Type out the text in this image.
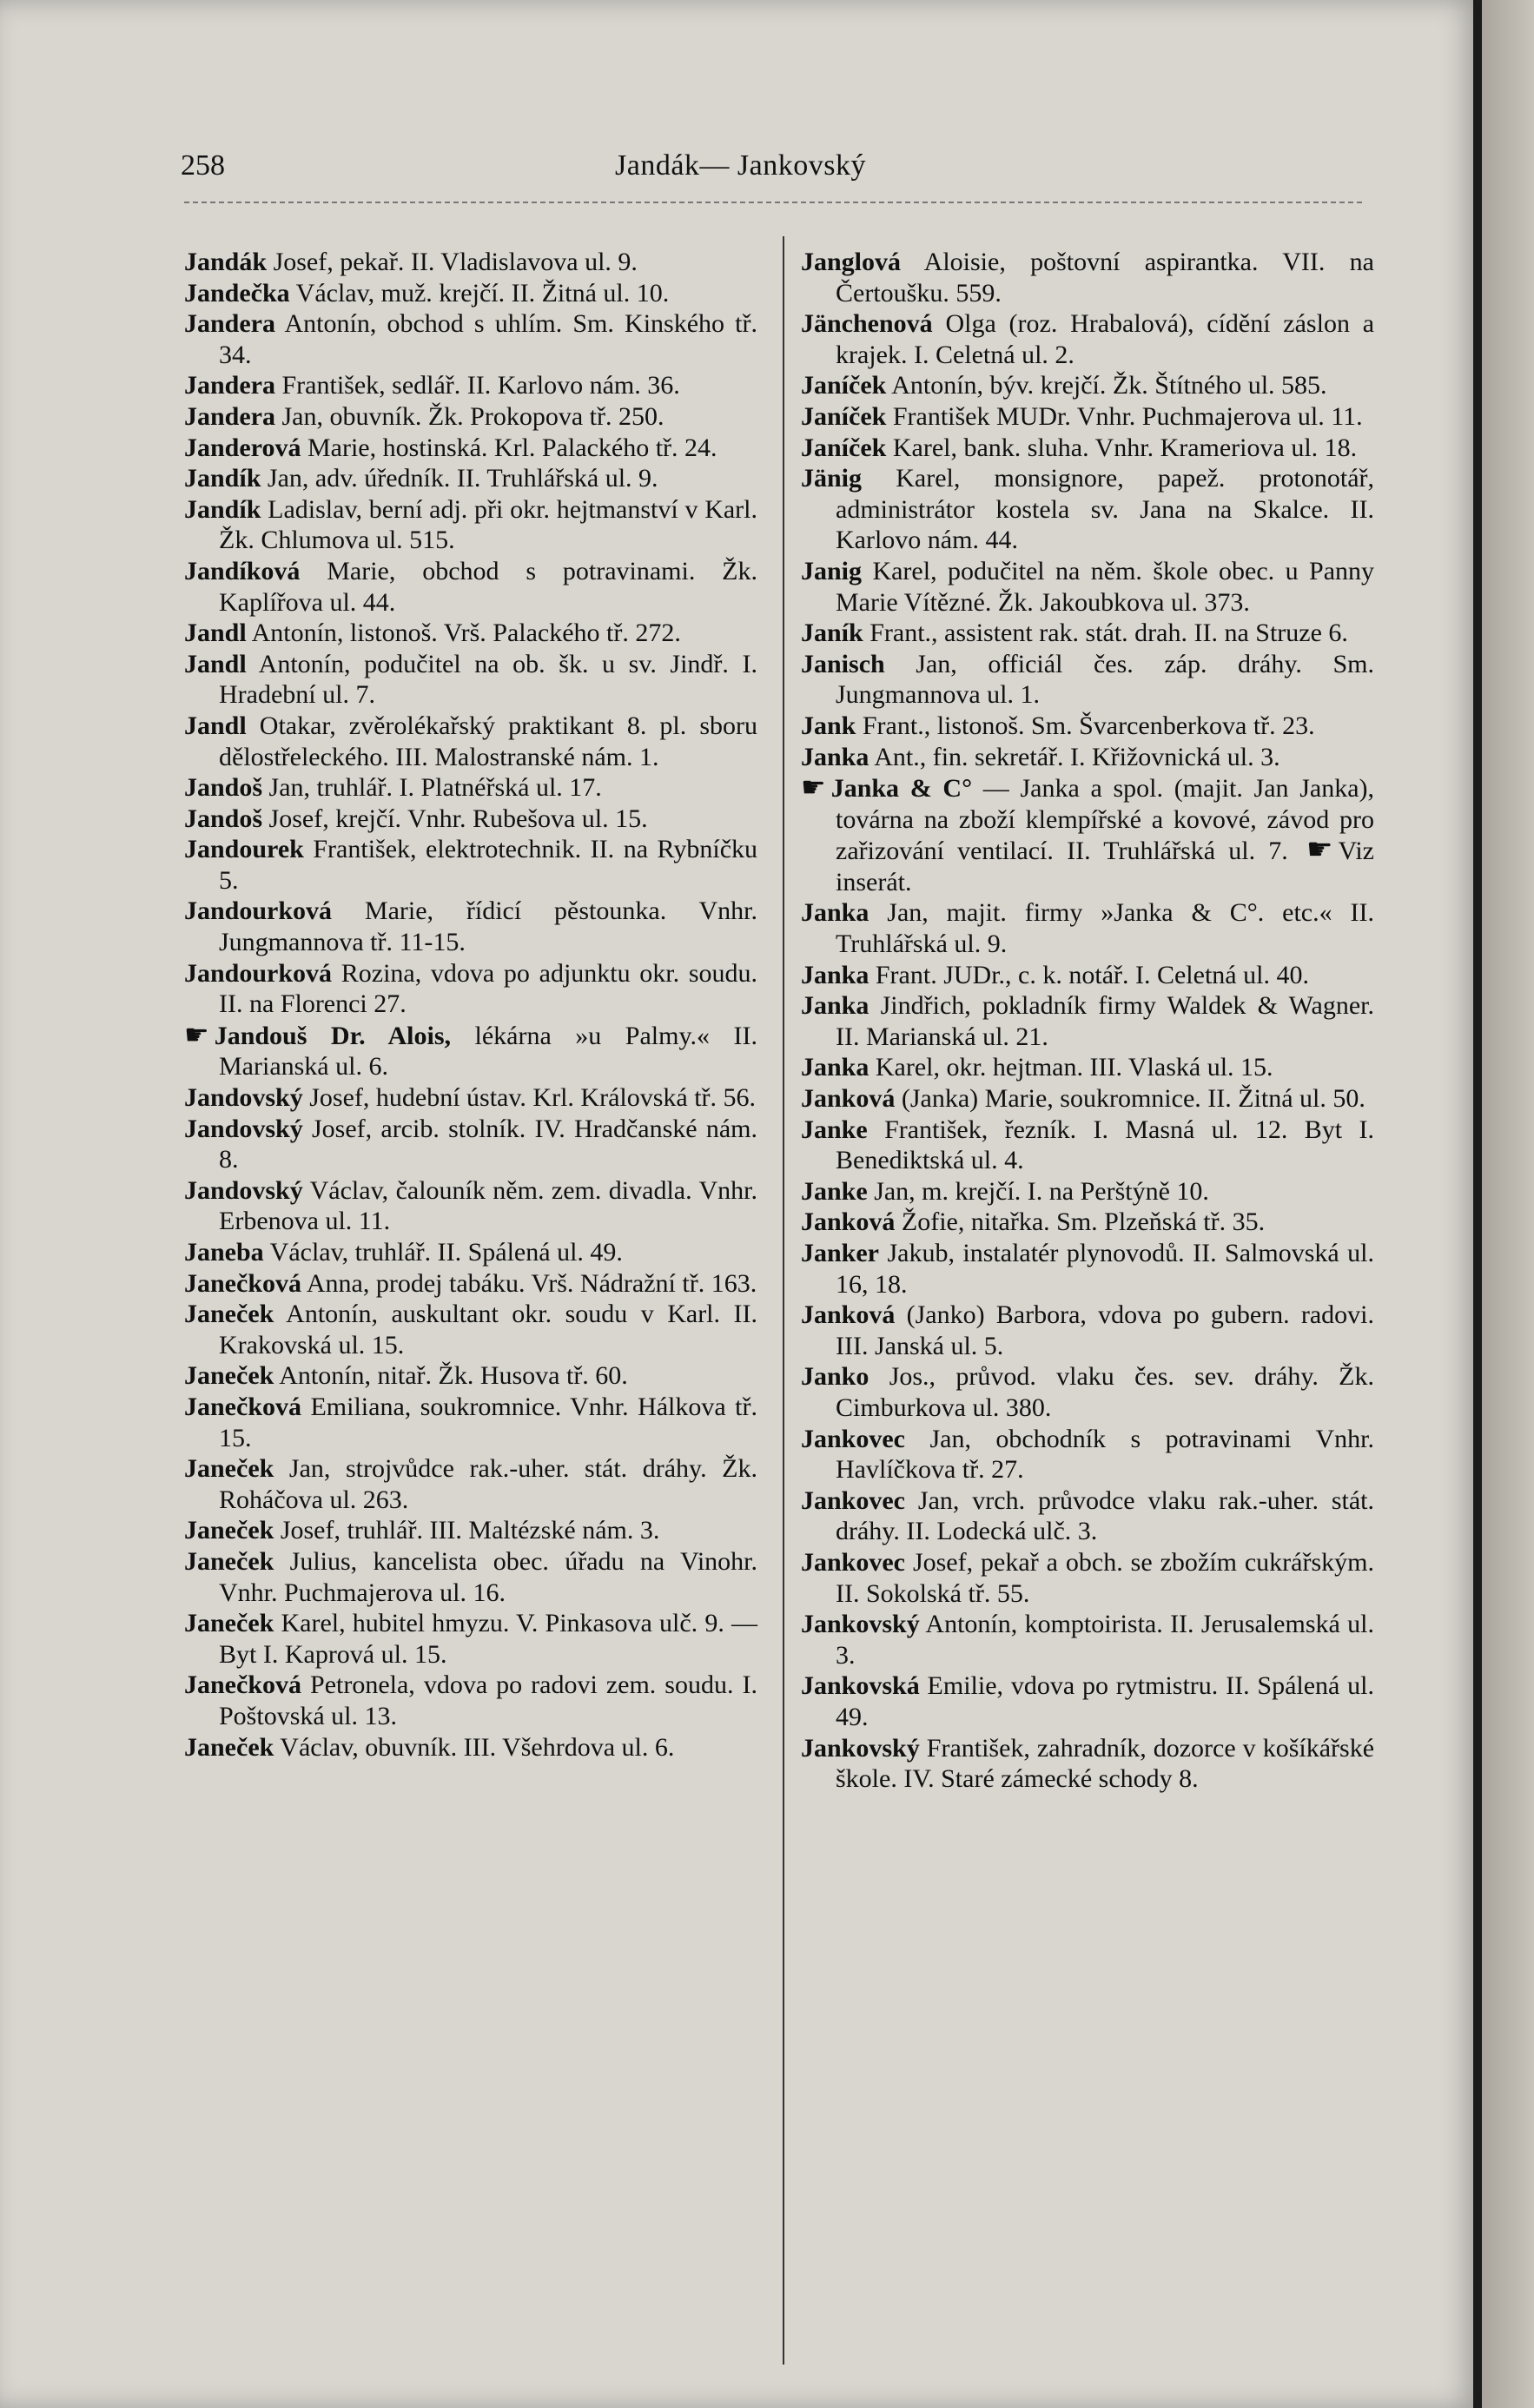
258	Jandák— Jankovský

Jandák Josef, pekař. II. Vladislavova ul. 9.

Jandečka Václav, muž. krejčí. II. Žitná ul. 10.

Jandera Antonín, obchod s uhlím. Sm. Kinského tř. 34.

Jandera František, sedlář. II. Karlovo nám. 36.

Jandera Jan, obuvník. Žk. Prokopova tř. 250.

Janderová Marie, hostinská. Krl. Palackého tř. 24.

Jandík Jan, adv. úředník. II. Truhlářská ul. 9.

Jandík Ladislav, berní adj. při okr. hejtmanství v Karl. Žk. Chlumova ul. 515.

Jandíková Marie, obchod s potravinami. Žk. Kaplířova ul. 44.

Jandl Antonín, listonoš. Vrš. Palackého tř. 272.

Jandl Antonín, podučitel na ob. šk. u sv. Jindř. I. Hradební ul. 7.

Jandl Otakar, zvěrolékařský praktikant 8. pl. sboru dělostřeleckého. III. Malostranské nám. 1.

Jandoš Jan, truhlář. I. Platnéřská ul. 17.

Jandoš Josef, krejčí. Vnhr. Rubešova ul. 15.

Jandourek František, elektrotechnik. II. na Rybníčku 5.

Jandourková Marie, řídicí pěstounka. Vnhr. Jungmannova tř. 11-15.

Jandourková Rozina, vdova po adjunktu okr. soudu. II. na Florenci 27.

☛ Jandouš Dr. Alois, lékárna »u Palmy.« II. Marianská ul. 6.

Jandovský Josef, hudební ústav. Krl. Královská tř. 56.

Jandovský Josef, arcib. stolník. IV. Hradčanské nám. 8.

Jandovský Václav, čalouník něm. zem. divadla. Vnhr. Erbenova ul. 11.

Janeba Václav, truhlář. II. Spálená ul. 49.

Janečková Anna, prodej tabáku. Vrš. Nádražní tř. 163.

Janeček Antonín, auskultant okr. soudu v Karl. II. Krakovská ul. 15.

Janeček Antonín, nitař. Žk. Husova tř. 60.

Janečková Emiliana, soukromnice. Vnhr. Hálkova tř. 15.

Janeček Jan, strojvůdce rak.-uher. stát. dráhy. Žk. Roháčova ul. 263.

Janeček Josef, truhlář. III. Maltézské nám. 3.

Janeček Julius, kancelista obec. úřadu na Vinohr. Vnhr. Puchmajerova ul. 16.

Janeček Karel, hubitel hmyzu. V. Pinkasova ulč. 9. — Byt I. Kaprová ul. 15.

Janečková Petronela, vdova po radovi zem. soudu. I. Poštovská ul. 13.

Janeček Václav, obuvník. III. Všehrdova ul. 6.

Janglová Aloisie, poštovní aspirantka. VII. na Čertoušku. 559.

Jänchenová Olga (roz. Hrabalová), cídění záslon a krajek. I. Celetná ul. 2.

Janíček Antonín, býv. krejčí. Žk. Štítného ul. 585.

Janíček František MUDr. Vnhr. Puchmajerova ul. 11.

Janíček Karel, bank. sluha. Vnhr. Krameriova ul. 18.

Jänig Karel, monsignore, papež. protonotář, administrátor kostela sv. Jana na Skalce. II. Karlovo nám. 44.

Janig Karel, podučitel na něm. škole obec. u Panny Marie Vítězné. Žk. Jakoubkova ul. 373.

Janík Frant., assistent rak. stát. drah. II. na Struze 6.

Janisch Jan, officiál čes. záp. dráhy. Sm. Jungmannova ul. 1.

Jank Frant., listonoš. Sm. Švarcenberkova tř. 23.

Janka Ant., fin. sekretář. I. Křižovnická ul. 3.

☛ Janka & C° — Janka a spol. (majit. Jan Janka), továrna na zboží klempířské a kovové, závod pro zařizování ventilací. II. Truhlářská ul. 7. ☛ Viz inserát.

Janka Jan, majit. firmy »Janka & C°. etc.« II. Truhlářská ul. 9.

Janka Frant. JUDr., c. k. notář. I. Celetná ul. 40.

Janka Jindřich, pokladník firmy Waldek & Wagner. II. Marianská ul. 21.

Janka Karel, okr. hejtman. III. Vlaská ul. 15.

Janková (Janka) Marie, soukromnice. II. Žitná ul. 50.

Janke František, řezník. I. Masná ul. 12. Byt I. Benediktská ul. 4.

Janke Jan, m. krejčí. I. na Perštýně 10.

Janková Žofie, nitařka. Sm. Plzeňská tř. 35.

Janker Jakub, instalatér plynovodů. II. Salmovská ul. 16, 18.

Janková (Janko) Barbora, vdova po gubern. radovi. III. Janská ul. 5.

Janko Jos., průvod. vlaku čes. sev. dráhy. Žk. Cimburkova ul. 380.

Jankovec Jan, obchodník s potravinami Vnhr. Havlíčkova tř. 27.

Jankovec Jan, vrch. průvodce vlaku rak.-uher. stát. dráhy. II. Lodecká ulč. 3.

Jankovec Josef, pekař a obch. se zbožím cukrářským. II. Sokolská tř. 55.

Jankovský Antonín, komptoirista. II. Jerusalemská ul. 3.

Jankovská Emilie, vdova po rytmistru. II. Spálená ul. 49.

Jankovský František, zahradník, dozorce v košíkářské škole. IV. Staré zámecké schody 8.
